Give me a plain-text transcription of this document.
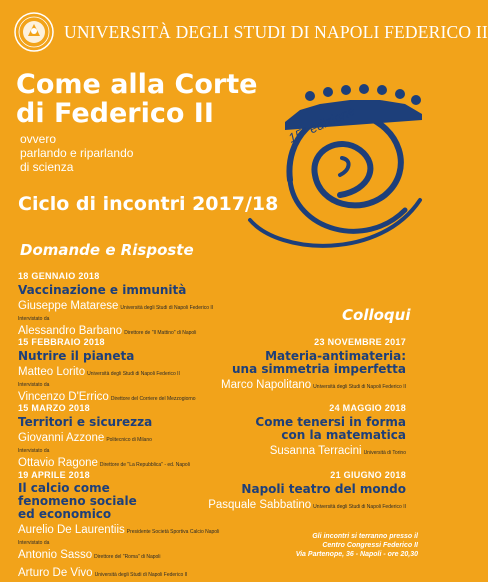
UNIVERSITÀ DEGLI STUDI DI NAPOLI FEDERICO II
Come alla Corte
di Federico II
ovvero
parlando e riparlando
di scienza
15ª edizione
Ciclo di incontri 2017/18
Domande e Risposte
Colloqui
18 GENNAIO 2018
Vaccinazione e immunità
Giuseppe Matarese Università degli Studi di Napoli Federico II
Intervistato da
Alessandro Barbano Direttore de "Il Mattino" di Napoli
15 FEBBRAIO 2018
Nutrire il pianeta
Matteo Lorito Università degli Studi di Napoli Federico II
Intervistato da
Vincenzo D'Errico Direttore del Corriere del Mezzogiorno
15 MARZO 2018
Territori e sicurezza
Giovanni Azzone Politecnico di Milano
Intervistato da
Ottavio Ragone Direttore de "La Repubblica" - ed. Napoli
19 APRILE 2018
Il calcio come
fenomeno sociale
ed economico
Aurelio De Laurentiis Presidente Società Sportiva Calcio Napoli
Intervistato da
Antonio Sasso Direttore del "Roma" di Napoli
Arturo De Vivo Università degli Studi di Napoli Federico II
23 NOVEMBRE 2017
Materia-antimateria:
una simmetria imperfetta
Marco Napolitano Università degli Studi di Napoli Federico II
24 MAGGIO 2018
Come tenersi in forma
con la matematica
Susanna Terracini Università di Torino
21 GIUGNO 2018
Napoli teatro del mondo
Pasquale Sabbatino Università degli Studi di Napoli Federico II
Gli incontri si terranno presso il
Centro Congressi Federico II
Via Partenope, 36 - Napoli - ore 20,30
